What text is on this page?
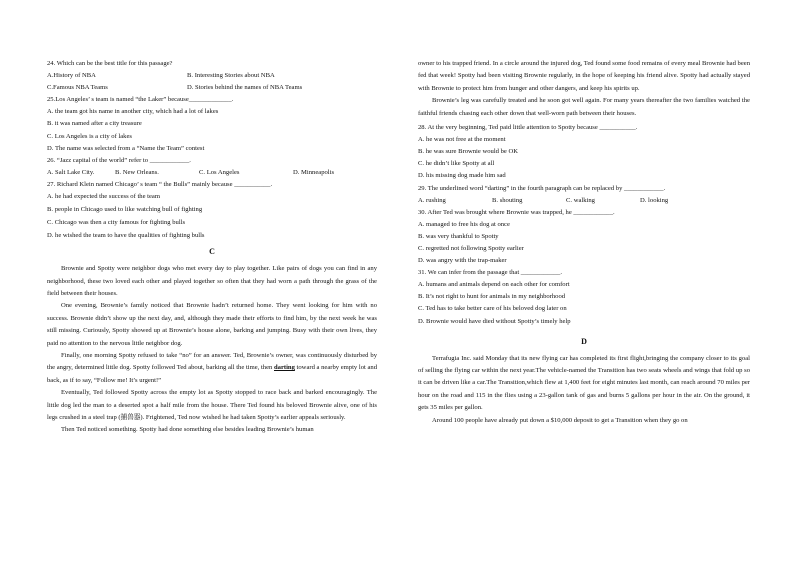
24. Which can be the best title for this passage?
A.History of NBA	B. Interesting Stories about NBA
C.Famous NBA Teams	D. Stories behind the names of NBA Teams
25.Los Angeles’ s team is named “the Laker” because_____________.
A. the team got his name in another city, which had a lot of lakes
B. it was named after a city treasure
C. Los Angeles is a city of lakes
D. The name was selected from a “Name the Team” contest
26. “Jazz capital of the world” refer to ____________.
A. Salt Lake City.	B. New Orleans.	C. Los Angeles	D. Minneapolis
27. Richard Klein named Chicago’ s team “ the Bulls” mainly because ___________.
A. he had expected the success of the team
B. people in Chicago used to like watching bull of fighting
C. Chicago was then a city famous for fighting bulls
D. he wished the team to have the qualities of fighting bulls
C
Brownie and Spotty were neighbor dogs who met every day to play together. Like pairs of dogs you can find in any neighborhood, these two loved each other and played together so often that they had worn a path through the grass of the field between their houses.
One evening, Brownie’s family noticed that Brownie hadn’t returned home. They went looking for him with no success. Brownie didn’t show up the next day, and, although they made their efforts to find him, by the next week he was still missing. Curiously, Spotty showed up at Brownie’s house alone, barking and jumping. Busy with their own lives, they paid no attention to the nervous little neighbor dog.
Finally, one morning Spotty refused to take “no” for an answer. Ted, Brownie’s owner, was continuously disturbed by the angry, determined little dog. Spotty followed Ted about, barking all the time, then darting toward a nearby empty lot and back, as if to say, “Follow me! It’s urgent!”
Eventually, Ted followed Spotty across the empty lot as Spotty stopped to race back and barked encouragingly. The little dog led the man to a deserted spot a half mile from the house. There Ted found his beloved Brownie alive, one of his legs crushed in a steel trap (捕兽器). Frightened, Ted now wished he had taken Spotty’s earlier appeals seriously.
Then Ted noticed something. Spotty had done something else besides leading Brownie’s human
owner to his trapped friend. In a circle around the injured dog, Ted found some food remains of every meal Brownie had been fed that week! Spotty had been visiting Brownie regularly, in the hope of keeping his friend alive. Spotty had actually stayed with Brownie to protect him from hunger and other dangers, and keep his spirits up.
Brownie’s leg was carefully treated and he soon got well again. For many years thereafter the two families watched the faithful friends chasing each other down that well-worn path between their houses.
28. At the very beginning, Ted paid little attention to Spotty because ___________.
A. he was not free at the moment
B. he was sure Brownie would be OK
C. he didn’t like Spotty at all
D. his missing dog made him sad
29. The underlined word “darting” in the fourth paragraph can be replaced by ____________.
A. rushing	B. shouting	C. walking	D. looking
30. After Ted was brought where Brownie was trapped, he ____________.
A. managed to free his dog at once
B. was very thankful to Spotty
C. regretted not following Spotty earlier
D. was angry with the trap-maker
31. We can infer from the passage that ____________.
A. humans and animals depend on each other for comfort
B. It’s not right to hunt for animals in my neighborhood
C. Ted has to take better care of his beloved dog later on
D. Brownie would have died without Spotty’s timely help
D
Terrafugia Inc. said Monday that its new flying car has completed its first flight,bringing the company closer to its goal of selling the flying car within the next year.The vehicle-named the Transition has two seats wheels and wings that fold up so it can be driven like a car.The Transition,which flew at 1,400 feet for eight minutes last month, can reach around 70 miles per hour on the road and 115 in the flies using a 23-gallon tank of gas and burns 5 gallons per hour in the air. On the ground, it gets 35 miles per gallon.
Around 100 people have already put down a $10,000 deposit to get a Transition when they go on
